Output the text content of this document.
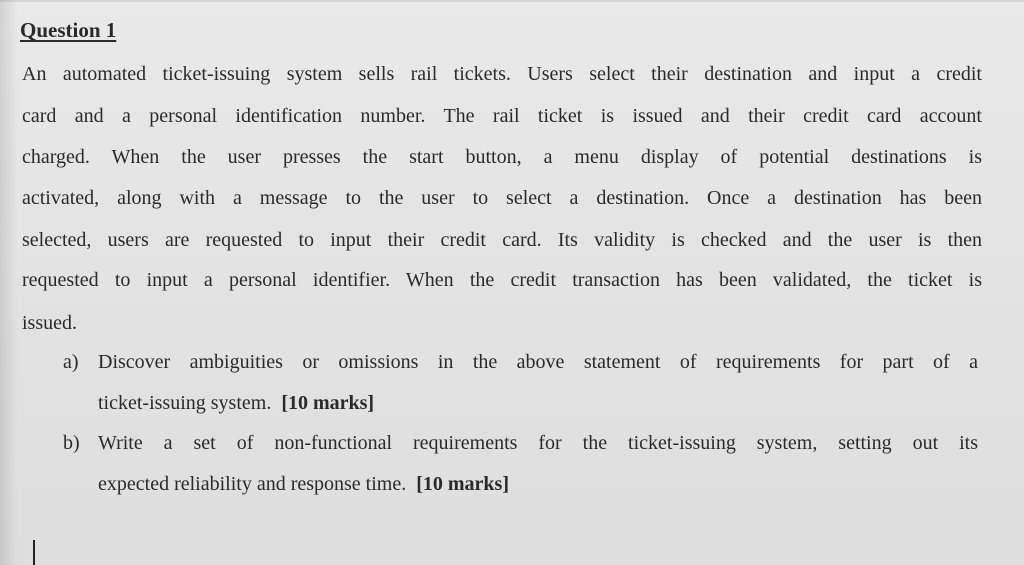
Question 1
An automated ticket-issuing system sells rail tickets. Users select their destination and input a credit
card and a personal identification number. The rail ticket is issued and their credit card account
charged. When the user presses the start button, a menu display of potential destinations is
activated, along with a message to the user to select a destination. Once a destination has been
selected, users are requested to input their credit card. Its validity is checked and the user is then
requested to input a personal identifier. When the credit transaction has been validated, the ticket is
issued.
a) Discover ambiguities or omissions in the above statement of requirements for part of a
ticket-issuing system. [10 marks]
b) Write a set of non-functional requirements for the ticket-issuing system, setting out its
expected reliability and response time. [10 marks]
